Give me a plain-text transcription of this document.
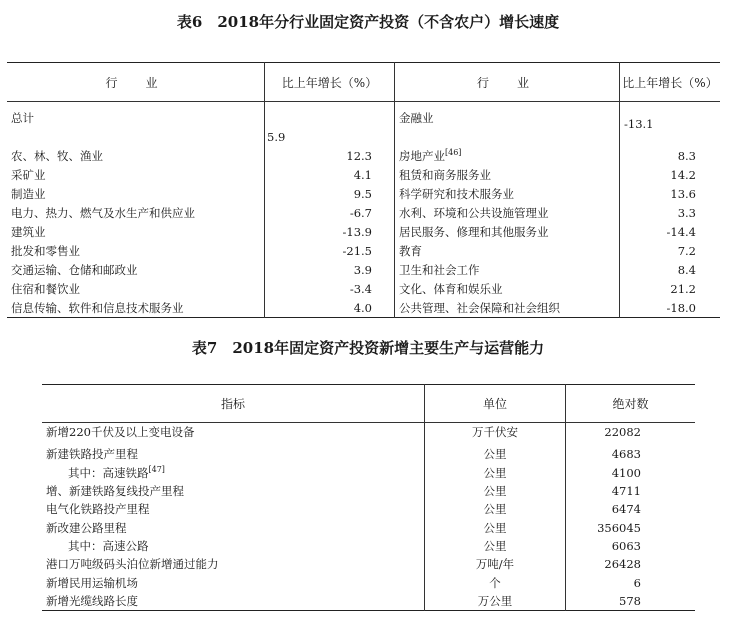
表6　2018年分行业固定资产投资（不含农户）增长速度
行　业	比上年增长（%）	行　业	比上年增长（%）
总计	5.9	金融业	-13.1
农、林、牧、渔业	12.3	房地产业[46]	8.3
采矿业	4.1	租赁和商务服务业	14.2
制造业	9.5	科学研究和技术服务业	13.6
电力、热力、燃气及水生产和供应业	-6.7	水利、环境和公共设施管理业	3.3
建筑业	-13.9	居民服务、修理和其他服务业	-14.4
批发和零售业	-21.5	教育	7.2
交通运输、仓储和邮政业	3.9	卫生和社会工作	8.4
住宿和餐饮业	-3.4	文化、体育和娱乐业	21.2
信息传输、软件和信息技术服务业	4.0	公共管理、社会保障和社会组织	-18.0
表7　2018年固定资产投资新增主要生产与运营能力
指标	单位	绝对数
新增220千伏及以上变电设备	万千伏安	22082
新建铁路投产里程	公里	4683
其中：高速铁路[47]	公里	4100
增、新建铁路复线投产里程	公里	4711
电气化铁路投产里程	公里	6474
新改建公路里程	公里	356045
其中：高速公路	公里	6063
港口万吨级码头泊位新增通过能力	万吨/年	26428
新增民用运输机场	个	6
新增光缆线路长度	万公里	578
